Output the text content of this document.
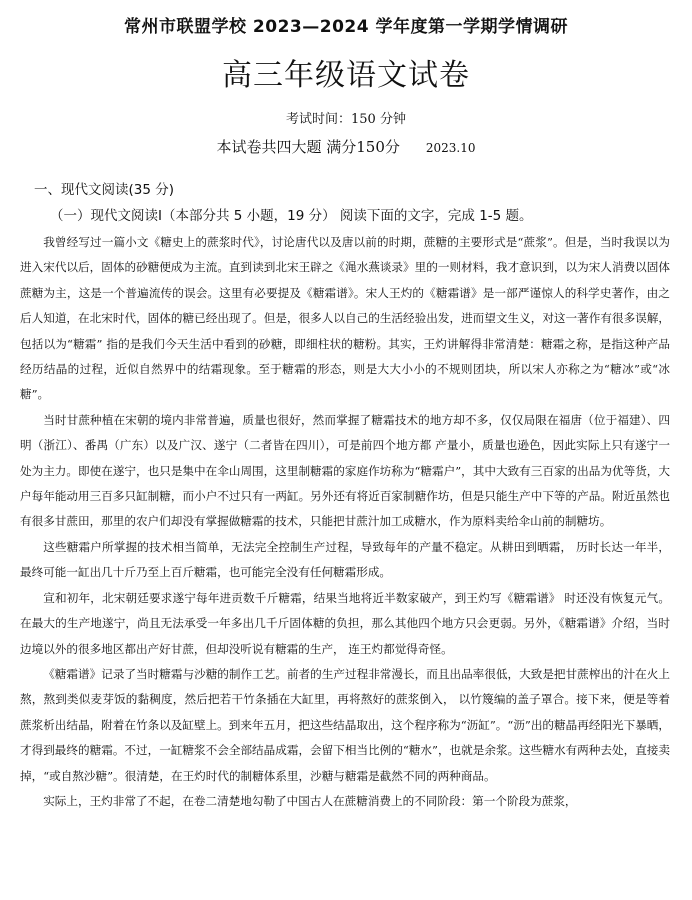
常州市联盟学校 2023—2024 学年度第一学期学情调研
高三年级语文试卷
考试时间：150 分钟
本试卷共四大题 满分150分 2023.10
一、现代文阅读(35 分)
（一）现代文阅读Ⅰ（本部分共 5 小题，19 分） 阅读下面的文字，完成 1-5 题。

我曾经写过一篇小文《糖史上的蔗浆时代》，讨论唐代以及唐以前的时期，蔗糖的主要形式是“蔗浆”。但是，当时我误以为进入宋代以后，固体的砂糖便成为主流。直到读到北宋王辟之《渑水燕谈录》里的一则材料，我才意识到，以为宋人消费以固体蔗糖为主，这是一个普遍流传的误会。这里有必要提及《糖霜谱》。宋人王灼的《糖霜谱》是一部严谨惊人的科学史著作，由之后人知道，在北宋时代，固体的糖已经出现了。但是，很多人以自己的生活经验出发，进而望文生义，对这一著作有很多误解，包括以为“糖霜” 指的是我们今天生活中看到的砂糖，即细柱状的糖粉。其实，王灼讲解得非常清楚：糖霜之称，是指这种产品经历结晶的过程，近似自然界中的结霜现象。至于糖霜的形态，则是大大小小的不规则团块，所以宋人亦称之为“糖冰”或“冰糖”。

当时甘蔗种植在宋朝的境内非常普遍，质量也很好，然而掌握了糖霜技术的地方却不多，仅仅局限在福唐（位于福建）、四明（浙江）、番禺（广东）以及广汉、遂宁（二者皆在四川），可是前四个地方都 产量小，质量也逊色，因此实际上只有遂宁一处为主力。即使在遂宁，也只是集中在伞山周围，这里制糖霜的家庭作坊称为“糖霜户”，其中大致有三百家的出品为优等货，大户每年能动用三百多只缸制糖，而小户不过只有一两缸。另外还有将近百家制糖作坊，但是只能生产中下等的产品。附近虽然也有很多甘蔗田，那里的农户们却没有掌握做糖霜的技术，只能把甘蔗汁加工成糖水，作为原料卖给伞山前的制糖坊。

这些糖霜户所掌握的技术相当简单，无法完全控制生产过程，导致每年的产量不稳定。从耕田到晒霜， 历时长达一年半，最终可能一缸出几十斤乃至上百斤糖霜，也可能完全没有任何糖霜形成。

宣和初年，北宋朝廷要求遂宁每年进贡数千斤糖霜，结果当地将近半数家破产，到王灼写《糖霜谱》 时还没有恢复元气。在最大的生产地遂宁，尚且无法承受一年多出几千斤固体糖的负担，那么其他四个地方只会更弱。另外，《糖霜谱》介绍，当时边境以外的很多地区都出产好甘蔗，但却没听说有糖霜的生产， 连王灼都觉得奇怪。

《糖霜谱》记录了当时糖霜与沙糖的制作工艺。前者的生产过程非常漫长，而且出品率很低，大致是把甘蔗榨出的汁在火上熬，熬到类似麦芽饭的黏稠度，然后把若干竹条插在大缸里，再将熬好的蔗浆倒入， 以竹篾编的盖子罩合。接下来，便是等着蔗浆析出结晶，附着在竹条以及缸壁上。到来年五月，把这些结晶取出，这个程序称为“沥缸”。“沥”出的糖晶再经阳光下暴晒，才得到最终的糖霜。不过，一缸糖浆不会全部结晶成霜，会留下相当比例的“糖水”，也就是余浆。这些糖水有两种去处，直接卖掉，“或自熬沙糖”。很清楚，在王灼时代的制糖体系里，沙糖与糖霜是截然不同的两种商品。

实际上，王灼非常了不起，在卷二清楚地勾勒了中国古人在蔗糖消费上的不同阶段：第一个阶段为蔗浆，
